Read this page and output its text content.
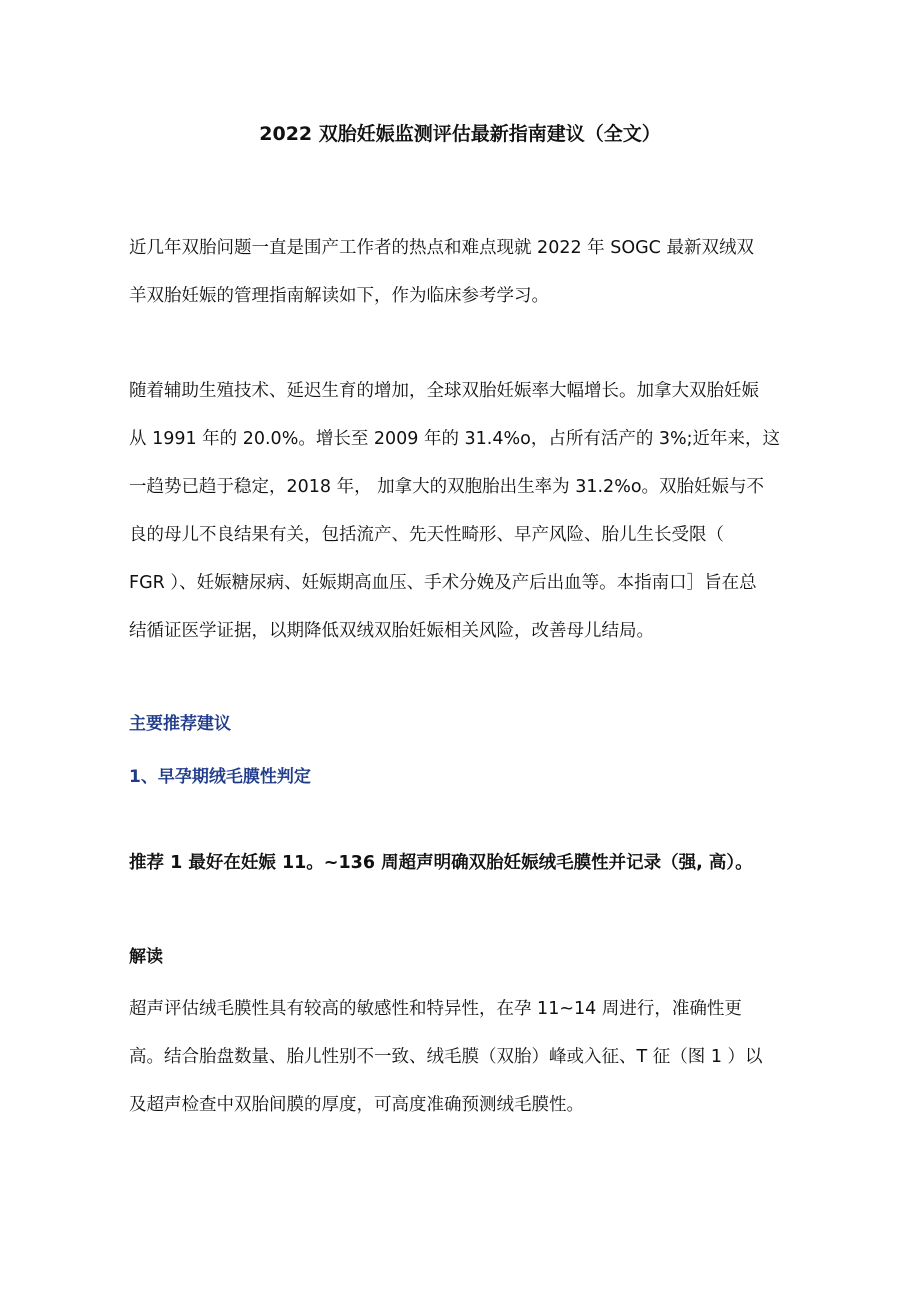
2022 双胎妊娠监测评估最新指南建议（全文）

近几年双胎问题一直是围产工作者的热点和难点现就 2022 年 SOGC 最新双绒双
羊双胎妊娠的管理指南解读如下，作为临床参考学习。

随着辅助生殖技术、延迟生育的增加，全球双胎妊娠率大幅增长。加拿大双胎妊娠
从 1991 年的 20.0%。增长至 2009 年的 31.4%o，占所有活产的 3%;近年来，这
一趋势已趋于稳定，2018 年， 加拿大的双胞胎出生率为 31.2%o。双胎妊娠与不
良的母儿不良结果有关，包括流产、先天性畸形、早产风险、胎儿生长受限（
FGR ）、妊娠糖尿病、妊娠期高血压、手术分娩及产后出血等。本指南口］旨在总
结循证医学证据，以期降低双绒双胎妊娠相关风险，改善母儿结局。

主要推荐建议
1、早孕期绒毛膜性判定
推荐 1 最好在妊娠 11。~136 周超声明确双胎妊娠绒毛膜性并记录（强, 高）。
解读

超声评估绒毛膜性具有较高的敏感性和特异性，在孕 11~14 周进行，准确性更
高。结合胎盘数量、胎儿性别不一致、绒毛膜（双胎）峰或入征、T 征（图 1 ）以
及超声检查中双胎间膜的厚度，可高度准确预测绒毛膜性。
